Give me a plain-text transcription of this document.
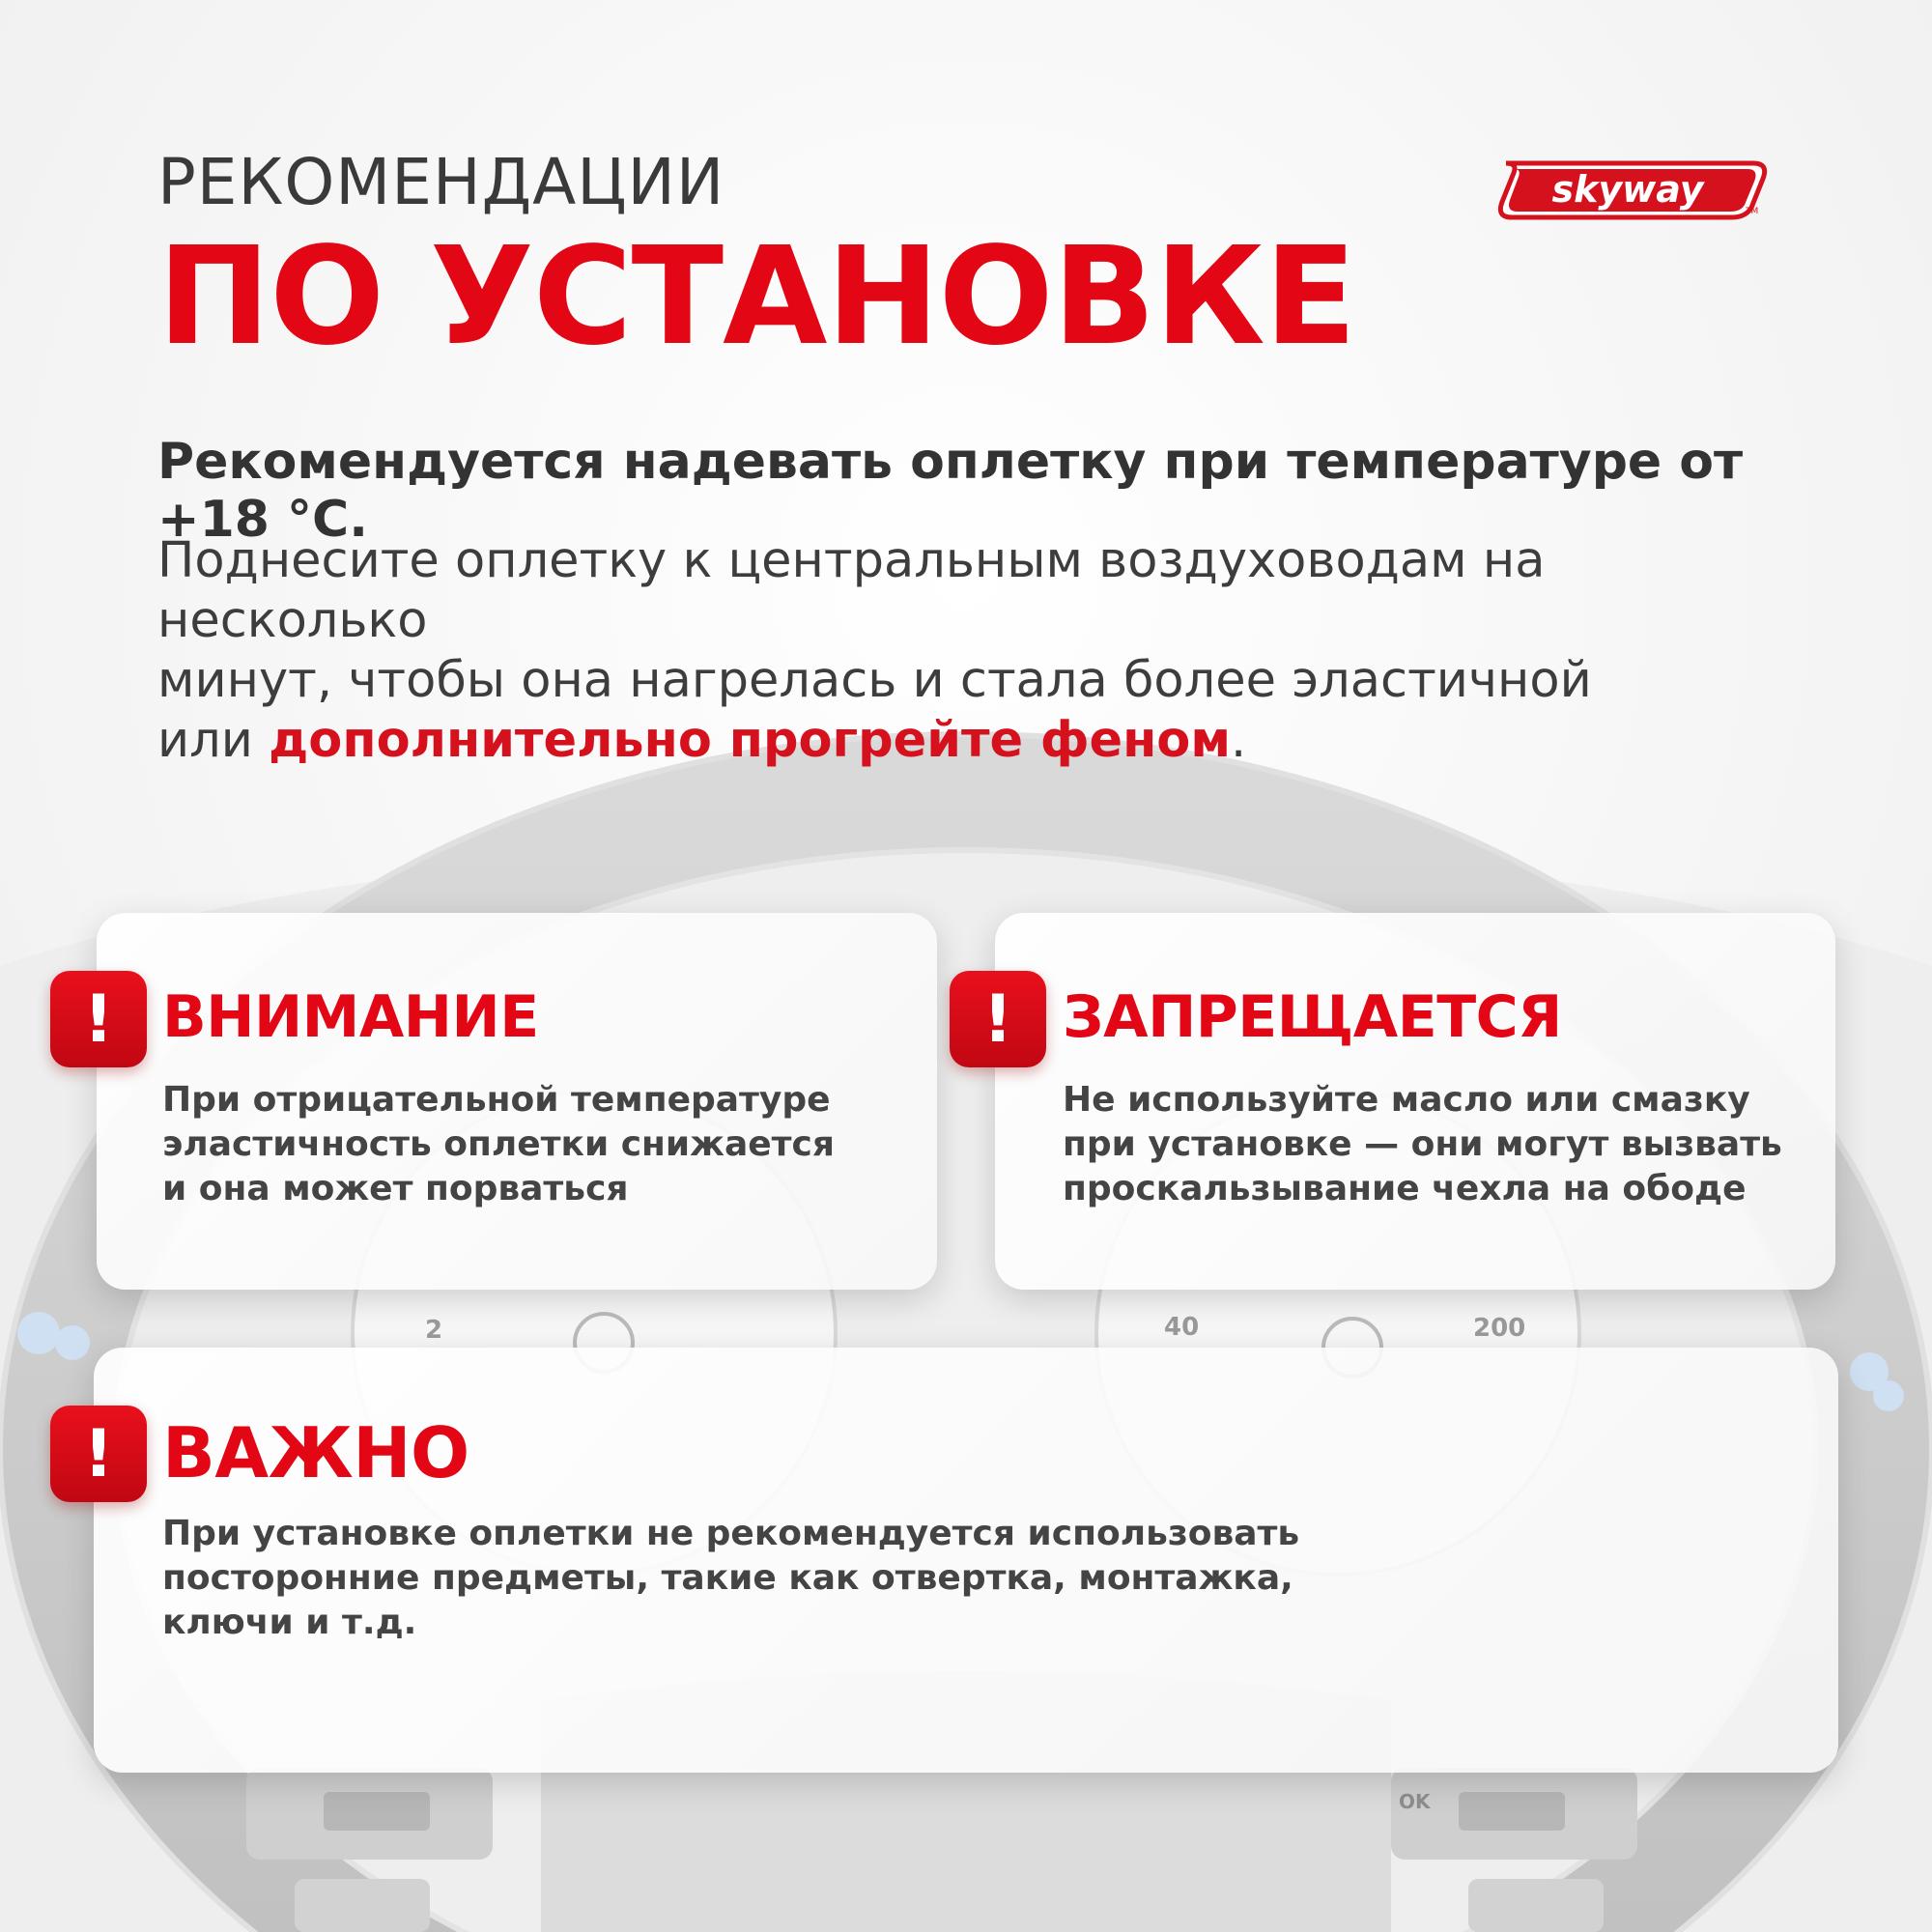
2	40	200
OK
РЕКОМЕНДАЦИИ
ПО УСТАНОВКЕ
skyway
TM

Рекомендуется надевать оплетку при температуре от +18 °C.

Поднесите оплетку к центральным воздуховодам на несколько
минут, чтобы она нагрелась и стала более эластичной
или дополнительно прогрейте феном.

! ВНИМАНИЕ

При отрицательной температуре
эластичность оплетки снижается
и она может порваться

! ЗАПРЕЩАЕТСЯ

Не используйте масло или смазку
при установке — они могут вызвать
проскальзывание чехла на ободе

! ВАЖНО

При установке оплетки не рекомендуется использовать
посторонние предметы, такие как отвертка, монтажка,
ключи и т.д.
